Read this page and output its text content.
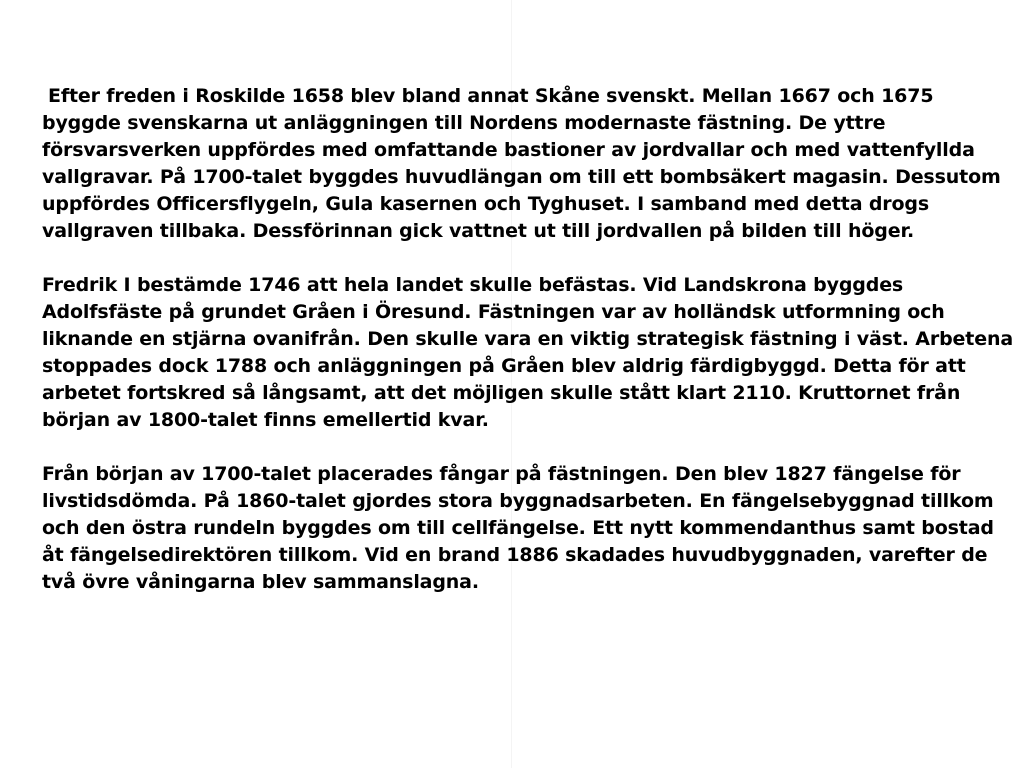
Efter freden i Roskilde 1658 blev bland annat Skåne svenskt. Mellan 1667 och 1675 byggde svenskarna ut anläggningen till Nordens modernaste fästning. De yttre försvarsverken uppfördes med omfattande bastioner av jordvallar och med vattenfyllda vallgravar. På 1700-talet byggdes huvudlängan om till ett bombsäkert magasin. Dessutom uppfördes Officersflygeln, Gula kasernen och Tyghuset. I samband med detta drogs vallgraven tillbaka. Dessförinnan gick vattnet ut till jordvallen på bilden till höger.

Fredrik I bestämde 1746 att hela landet skulle befästas. Vid Landskrona byggdes Adolfsfäste på grundet Gråen i Öresund. Fästningen var av holländsk utformning och liknande en stjärna ovanifrån. Den skulle vara en viktig strategisk fästning i väst. Arbetena stoppades dock 1788 och anläggningen på Gråen blev aldrig färdigbyggd. Detta för att arbetet fortskred så långsamt, att det möjligen skulle stått klart 2110. Kruttornet från början av 1800-talet finns emellertid kvar.

Från början av 1700-talet placerades fångar på fästningen. Den blev 1827 fängelse för livstidsdömda. På 1860-talet gjordes stora byggnadsarbeten. En fängelsebyggnad tillkom och den östra rundeln byggdes om till cellfängelse. Ett nytt kommendanthus samt bostad åt fängelsedirektören tillkom. Vid en brand 1886 skadades huvudbyggnaden, varefter de två övre våningarna blev sammanslagna.
